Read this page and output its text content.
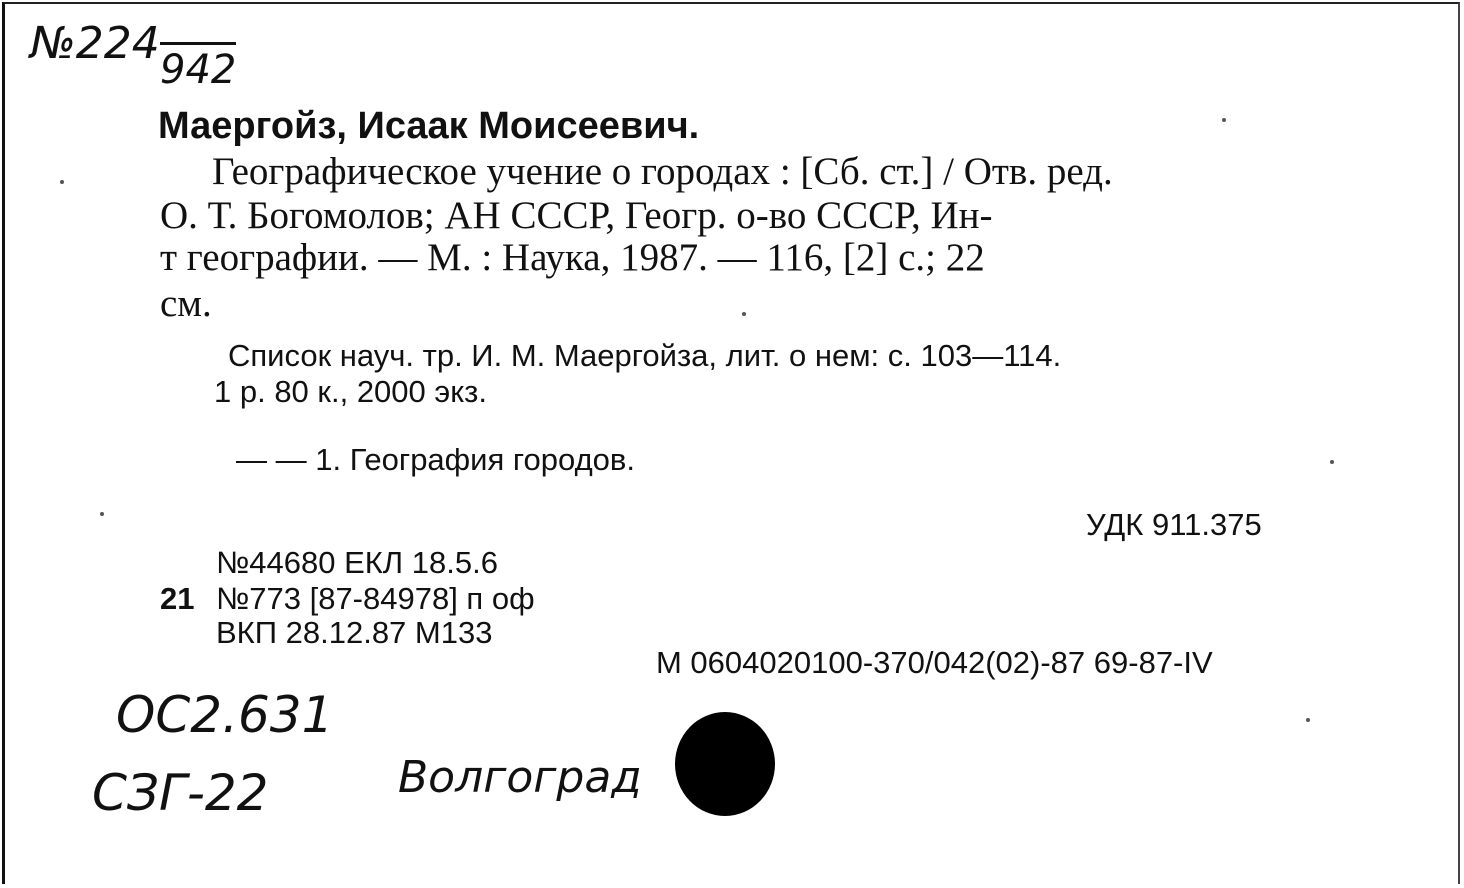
№224
942
Маергойз, Исаак Моисеевич.
Географическое учение о городах : [Сб. ст.] / Отв. ред.
О. Т. Богомолов; АН СССР, Геогр. о-во СССР, Ин-
т географии. — М. : Наука, 1987. — 116, [2] с.; 22
см.
Список науч. тр. И. М. Маергойза, лит. о нем: с. 103—114.
1 р. 80 к., 2000 экз.
— — 1. География городов.
УДК 911.375
№44680 ЕКЛ 18.5.6
21 №773 [87-84978] п оф
ВКП 28.12.87 М133
М 0604020100-370/042(02)-87 69-87-IV
OC2.631
СЗГ-22	Волгоград
